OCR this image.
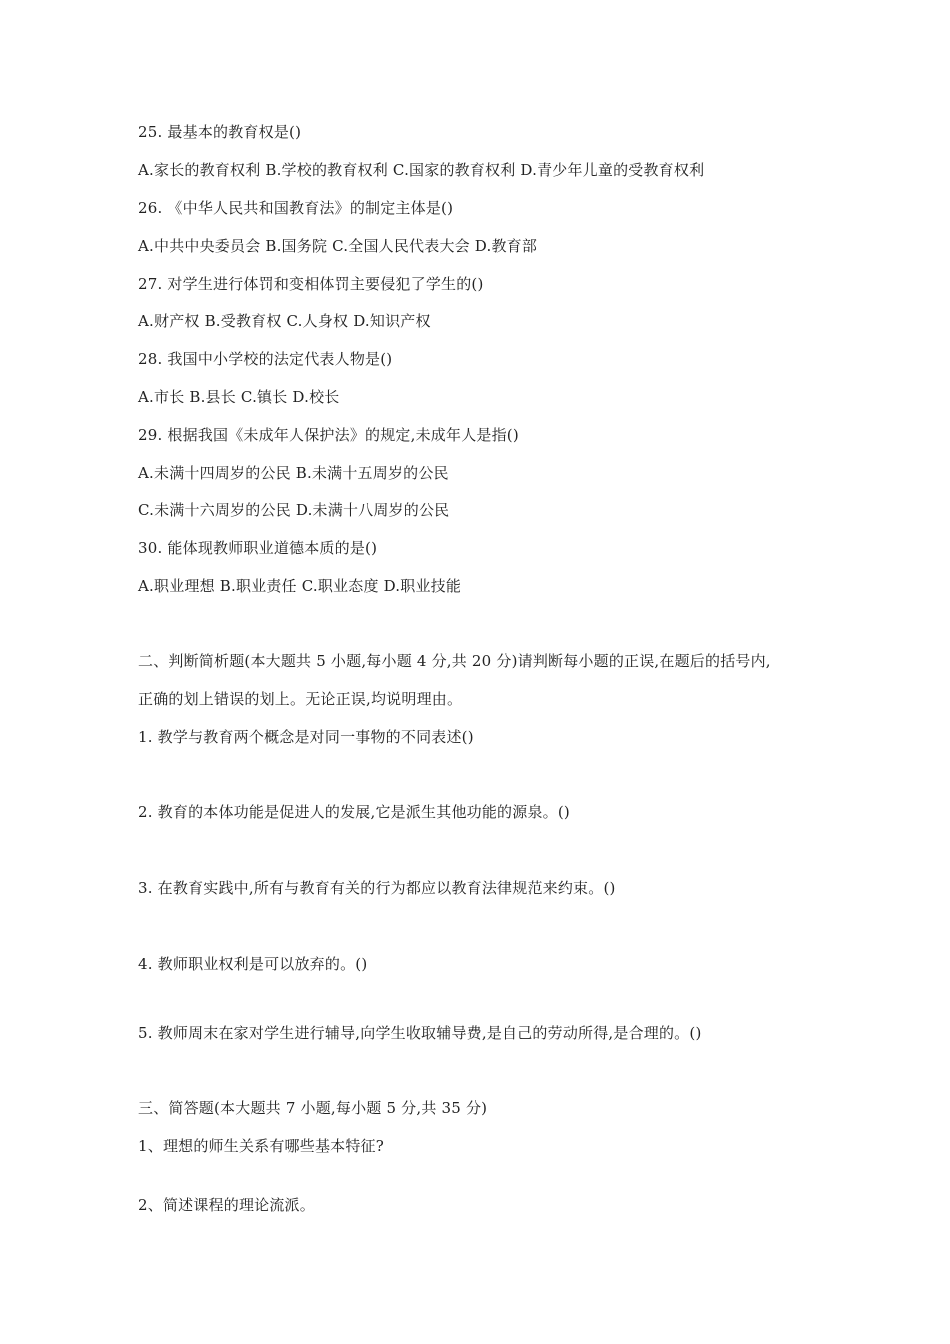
25. 最基本的教育权是()
A.家长的教育权利 B.学校的教育权利 C.国家的教育权利 D.青少年儿童的受教育权利
26. 《中华人民共和国教育法》的制定主体是()
A.中共中央委员会 B.国务院 C.全国人民代表大会 D.教育部
27. 对学生进行体罚和变相体罚主要侵犯了学生的()
A.财产权 B.受教育权 C.人身权 D.知识产权
28. 我国中小学校的法定代表人物是()
A.市长 B.县长 C.镇长 D.校长
29. 根据我国《未成年人保护法》的规定,未成年人是指()
A.未满十四周岁的公民 B.未满十五周岁的公民
C.未满十六周岁的公民 D.未满十八周岁的公民
30. 能体现教师职业道德本质的是()
A.职业理想 B.职业责任 C.职业态度 D.职业技能
二、判断简析题(本大题共 5 小题,每小题 4 分,共 20 分)请判断每小题的正误,在题后的括号内,
正确的划上错误的划上。无论正误,均说明理由。
1. 教学与教育两个概念是对同一事物的不同表述()
2. 教育的本体功能是促进人的发展,它是派生其他功能的源泉。()
3. 在教育实践中,所有与教育有关的行为都应以教育法律规范来约束。()
4. 教师职业权利是可以放弃的。()
5. 教师周末在家对学生进行辅导,向学生收取辅导费,是自己的劳动所得,是合理的。()
三、简答题(本大题共 7 小题,每小题 5 分,共 35 分)
1、理想的师生关系有哪些基本特征?
2、简述课程的理论流派。
